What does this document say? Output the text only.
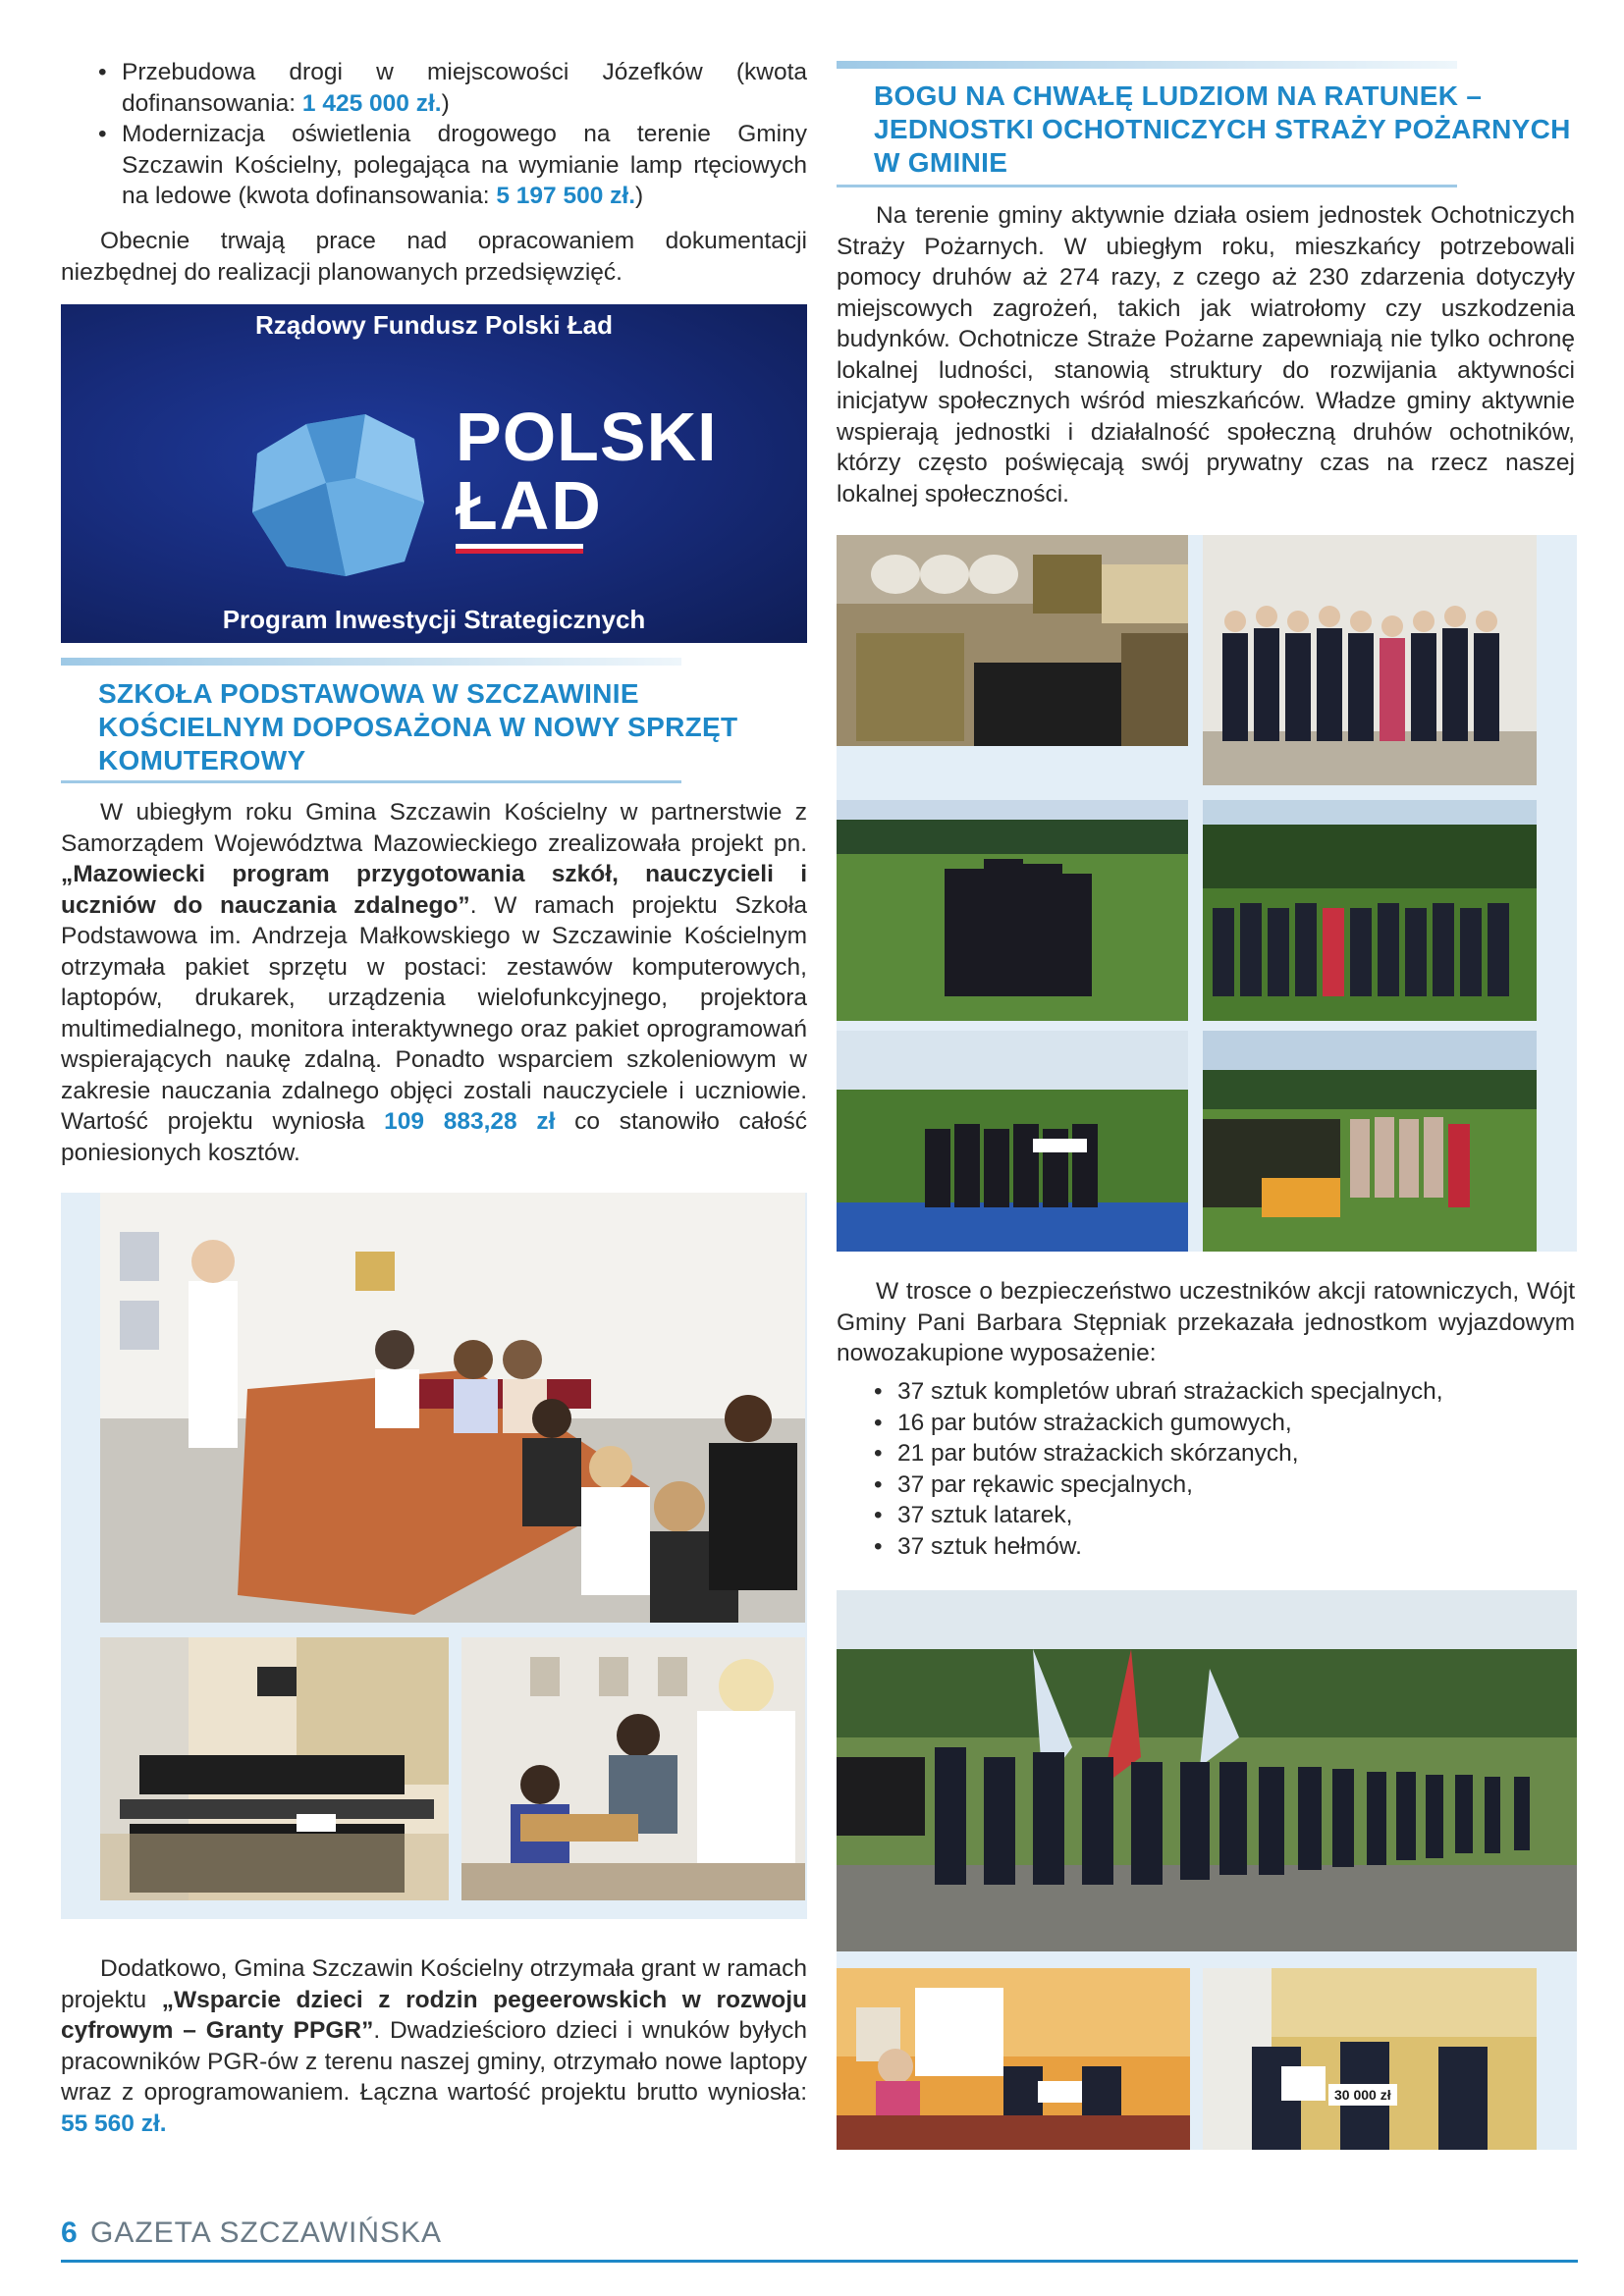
• Przebudowa drogi w miejscowości Józefków (kwota dofinansowania: 1 425 000 zł.)
• Modernizacja oświetlenia drogowego na terenie Gminy Szczawin Kościelny, polegająca na wymianie lamp rtęciowych na ledowe (kwota dofinansowania: 5 197 500 zł.)

Obecnie trwają prace nad opracowaniem dokumentacji niezbędnej do realizacji planowanych przedsięwzięć.

Rządowy Fundusz Polski Ład
POLSKI
ŁAD
Program Inwestycji Strategicznych
SZKOŁA PODSTAWOWA W SZCZAWINIE KOŚCIELNYM DOPOSAŻONA W NOWY SPRZĘT KOMUTEROWY

W ubiegłym roku Gmina Szczawin Kościelny w partnerstwie z Samorządem Województwa Mazowieckiego zrealizowała projekt pn. „Mazowiecki program przygotowania szkół, nauczycieli i uczniów do nauczania zdalnego”. W ramach projektu Szkoła Podstawowa im. Andrzeja Małkowskiego w Szczawinie Kościelnym otrzymała pakiet sprzętu w postaci: zestawów komputerowych, laptopów, drukarek, urządzenia wielofunkcyjnego, projektora multimedialnego, monitora interaktywnego oraz pakiet oprogramowań wspierających naukę zdalną. Ponadto wsparciem szkoleniowym w zakresie nauczania zdalnego objęci zostali nauczyciele i uczniowie. Wartość projektu wyniosła 109 883,28 zł co stanowiło całość poniesionych kosztów.

Dodatkowo, Gmina Szczawin Kościelny otrzymała grant w ramach projektu „Wsparcie dzieci z rodzin pegeerowskich w rozwoju cyfrowym – Granty PPGR”. Dwadzieścioro dzieci i wnuków byłych pracowników PGR-ów z terenu naszej gminy, otrzymało nowe laptopy wraz z oprogramowaniem. Łączna wartość projektu brutto wyniosła: 55 560 zł.

BOGU NA CHWAŁĘ LUDZIOM NA RATUNEK – JEDNOSTKI OCHOTNICZYCH STRAŻY POŻARNYCH W GMINIE

Na terenie gminy aktywnie działa osiem jednostek Ochotniczych Straży Pożarnych. W ubiegłym roku, mieszkańcy potrzebowali pomocy druhów aż 274 razy, z czego aż 230 zdarzenia dotyczyły miejscowych zagrożeń, takich jak wiatrołomy czy uszkodzenia budynków. Ochotnicze Straże Pożarne zapewniają nie tylko ochronę lokalnej ludności, stanowią struktury do rozwijania aktywności inicjatyw społecznych wśród mieszkańców. Władze gminy aktywnie wspierają jednostki i działalność społeczną druhów ochotników, którzy często poświęcają swój prywatny czas na rzecz naszej lokalnej społeczności.

W trosce o bezpieczeństwo uczestników akcji ratowniczych, Wójt Gminy Pani Barbara Stępniak przekazała jednostkom wyjazdowym nowozakupione wyposażenie:

• 37 sztuk kompletów ubrań strażackich specjalnych,
• 16 par butów strażackich gumowych,
• 21 par butów strażackich skórzanych,
• 37 par rękawic specjalnych,
• 37 sztuk latarek,
• 37 sztuk hełmów.
30 000 zł
6 GAZETA SZCZAWIŃSKA
